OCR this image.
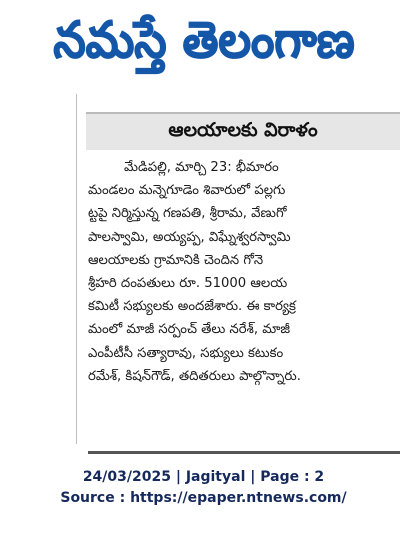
నమస్తే తెలంగాణ
ఆలయాలకు విరాళం
మేడిపల్లి, మార్చి 23: భీమారం
మండలం మన్నెగూడెం శివారులో పల్లగు
ట్టపై నిర్మిస్తున్న గణపతి, శ్రీరామ, వేణుగో
పాలస్వామి, అయ్యప్ప, విఘ్నేశ్వరస్వామి
ఆలయాలకు గ్రామానికి చెందిన గోనె
శ్రీహరి దంపతులు రూ. 51000 ఆలయ
కమిటీ సభ్యులకు అందజేశారు. ఈ కార్యక్ర
మంలో మాజీ సర్పంచ్ తేలు నరేశ్, మాజీ
ఎంపీటీసీ సత్యారావు, సభ్యులు కటుకం
రమేశ్, కిషన్‌గౌడ్, తదితరులు పాల్గొన్నారు.
24/03/2025 | Jagityal | Page : 2
Source : https://epaper.ntnews.com/
